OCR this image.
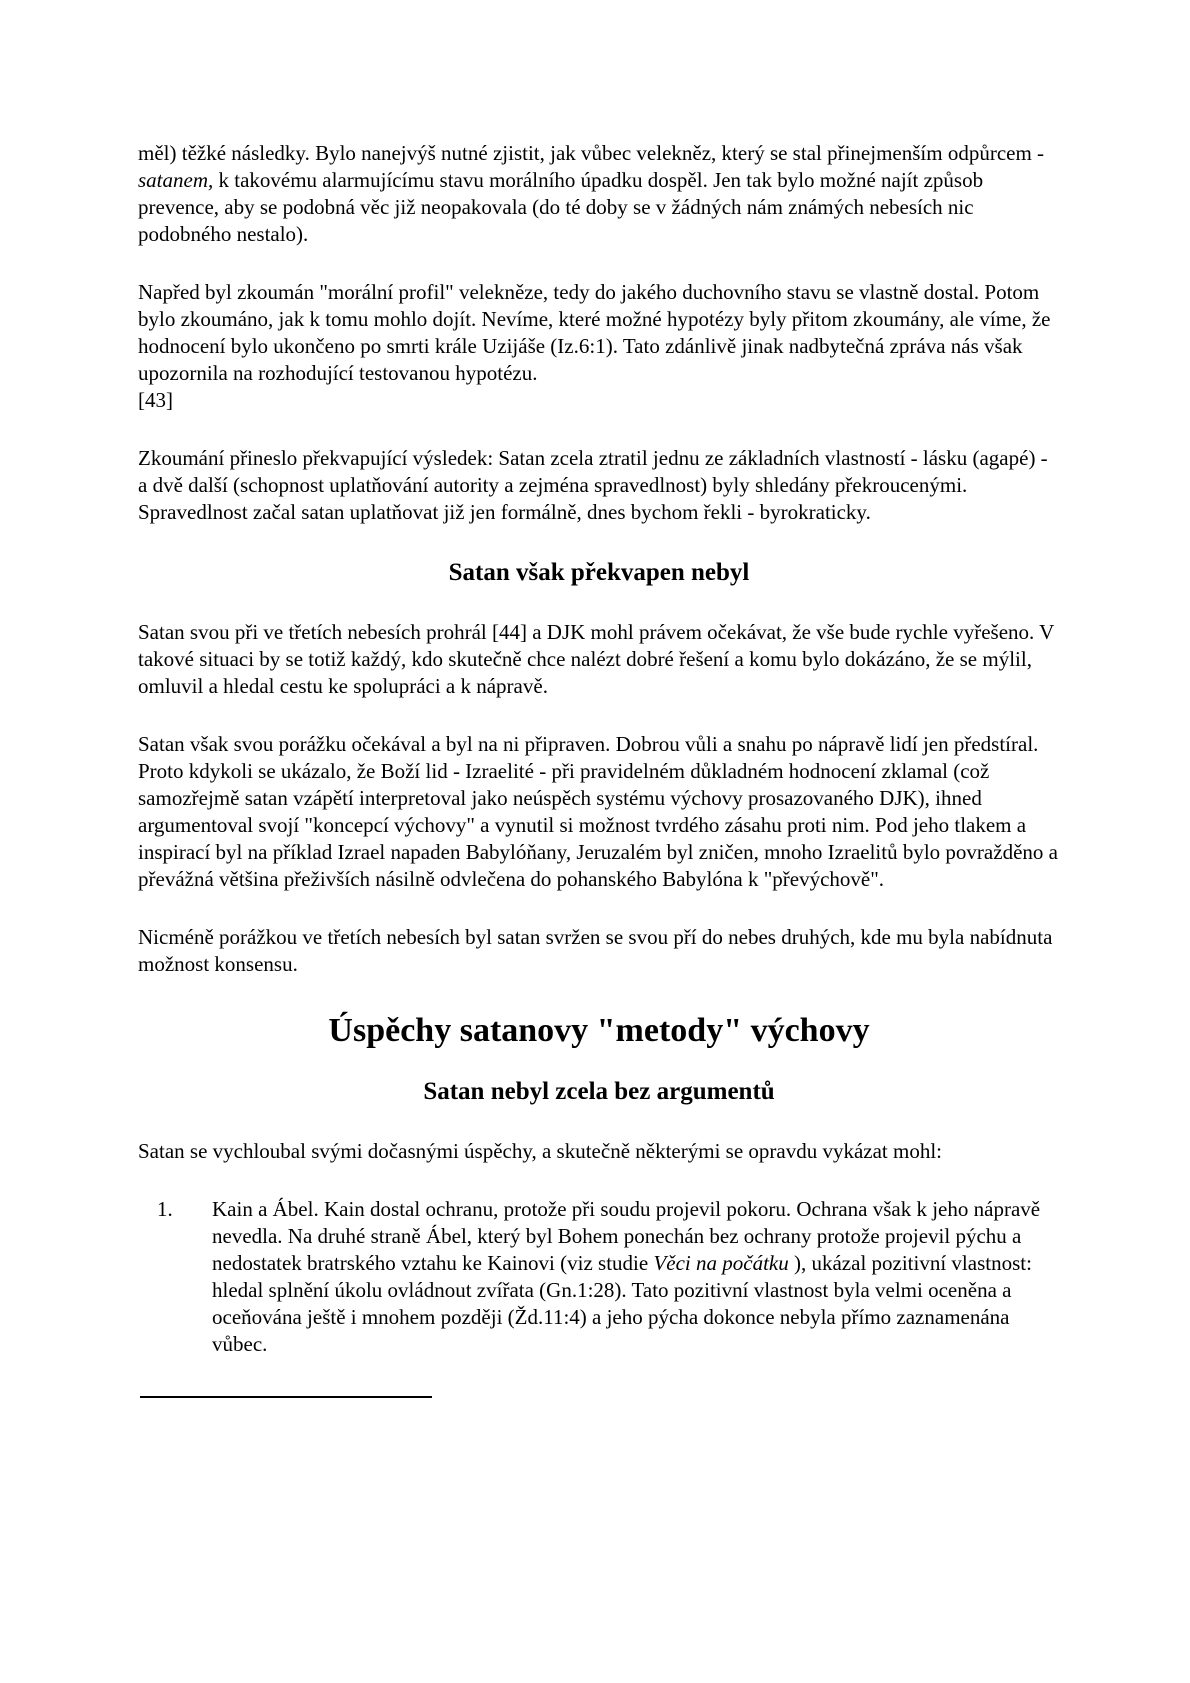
měl) těžké následky. Bylo nanejvýš nutné zjistit, jak vůbec velekněz, který se stal přinejmenším odpůrcem - satanem, k takovému alarmujícímu stavu morálního úpadku dospěl. Jen tak bylo možné najít způsob prevence, aby se podobná věc již neopakovala (do té doby se v žádných nám známých nebesích nic podobného nestalo).

Napřed byl zkoumán "morální profil" velekněze, tedy do jakého duchovního stavu se vlastně dostal. Potom bylo zkoumáno, jak k tomu mohlo dojít. Nevíme, které možné hypotézy byly přitom zkoumány, ale víme, že hodnocení bylo ukončeno po smrti krále Uzijáše (Iz.6:1). Tato zdánlivě jinak nadbytečná zpráva nás však upozornila na rozhodující testovanou hypotézu.
[43]

Zkoumání přineslo překvapující výsledek: Satan zcela ztratil jednu ze základních vlastností - lásku (agapé) - a dvě další (schopnost uplatňování autority a zejména spravedlnost) byly shledány překroucenými. Spravedlnost začal satan uplatňovat již jen formálně, dnes bychom řekli - byrokraticky.

Satan však překvapen nebyl

Satan svou při ve třetích nebesích prohrál [44] a DJK mohl právem očekávat, že vše bude rychle vyřešeno. V takové situaci by se totiž každý, kdo skutečně chce nalézt dobré řešení a komu bylo dokázáno, že se mýlil, omluvil a hledal cestu ke spolupráci a k nápravě.

Satan však svou porážku očekával a byl na ni připraven. Dobrou vůli a snahu po nápravě lidí jen předstíral. Proto kdykoli se ukázalo, že Boží lid - Izraelité - při pravidelném důkladném hodnocení zklamal (což samozřejmě satan vzápětí interpretoval jako neúspěch systému výchovy prosazovaného DJK), ihned argumentoval svojí "koncepcí výchovy" a vynutil si možnost tvrdého zásahu proti nim. Pod jeho tlakem a inspirací byl na příklad Izrael napaden Babylóňany, Jeruzalém byl zničen, mnoho Izraelitů bylo povražděno a převážná většina přeživších násilně odvlečena do pohanského Babylóna k "převýchově".

Nicméně porážkou ve třetích nebesích byl satan svržen se svou pří do nebes druhých, kde mu byla nabídnuta možnost konsensu.

Úspěchy satanovy "metody" výchovy
Satan nebyl zcela bez argumentů

Satan se vychloubal svými dočasnými úspěchy, a skutečně některými se opravdu vykázat mohl:

1.	Kain a Ábel. Kain dostal ochranu, protože při soudu projevil pokoru. Ochrana však k jeho nápravě nevedla. Na druhé straně Ábel, který byl Bohem ponechán bez ochrany protože projevil pýchu a nedostatek bratrského vztahu ke Kainovi (viz studie Věci na počátku ), ukázal pozitivní vlastnost: hledal splnění úkolu ovládnout zvířata (Gn.1:28). Tato pozitivní vlastnost byla velmi oceněna a oceňována ještě i mnohem později (Žd.11:4) a jeho pýcha dokonce nebyla přímo zaznamenána vůbec.
